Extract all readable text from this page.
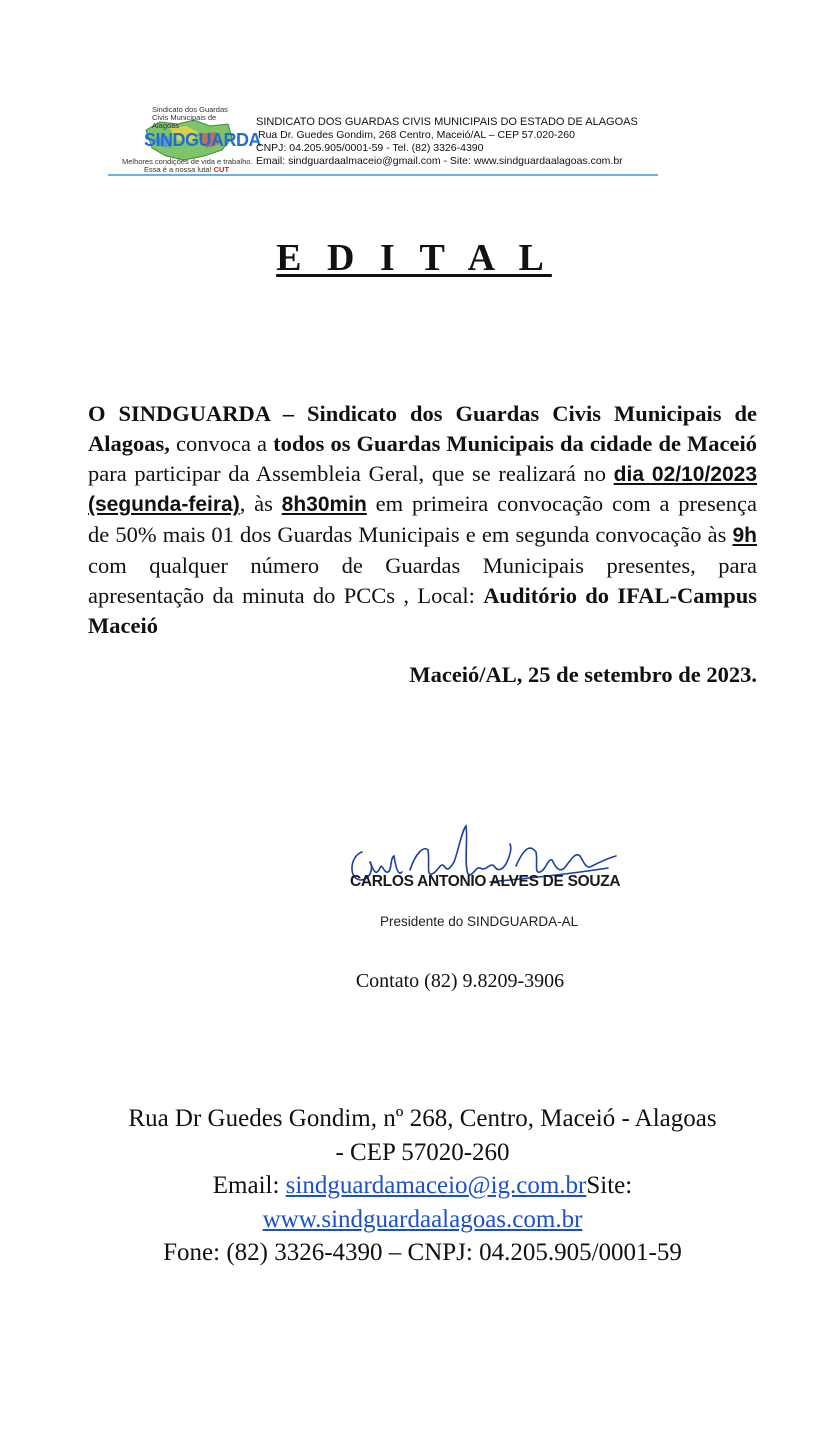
Sindicato dos Guardas Civis Municipais de Alagoas
SINDGUARDA
Melhores condições de vida e trabalho.
Essa é a nossa luta! CUT
SINDICATO DOS GUARDAS CIVIS MUNICIPAIS DO ESTADO DE ALAGOAS
Rua Dr. Guedes Gondim, 268 Centro, Maceió/AL – CEP 57.020-260
CNPJ: 04.205.905/0001-59 - Tel. (82) 3326-4390
Email: sindguardaalmaceio@gmail.com - Site: www.sindguardaalagoas.com.br
E D I T A L
O SINDGUARDA – Sindicato dos Guardas Civis Municipais de Alagoas, convoca a todos os Guardas Municipais da cidade de Maceió para participar da Assembleia Geral, que se realizará no dia 02/10/2023 (segunda-feira), às 8h30min em primeira convocação com a presença de 50% mais 01 dos Guardas Municipais e em segunda convocação às 9h com qualquer número de Guardas Municipais presentes, para apresentação da minuta do PCCs , Local: Auditório do IFAL-Campus Maceió
Maceió/AL, 25 de setembro de 2023.
CARLOS ANTONIO ALVES DE SOUZA
Presidente do SINDGUARDA-AL
Contato (82) 9.8209-3906
Rua Dr Guedes Gondim, nº 268, Centro, Maceió - Alagoas
- CEP 57020-260
Email: sindguardamaceio@ig.com.brSite:
www.sindguardaalagoas.com.br
Fone: (82) 3326-4390 – CNPJ: 04.205.905/0001-59
